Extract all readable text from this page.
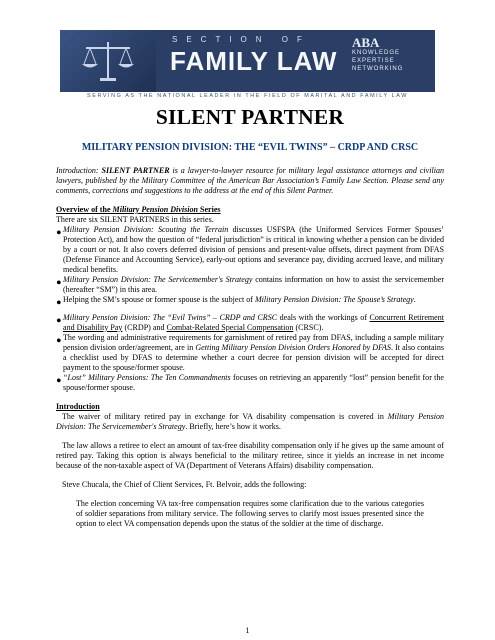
SECTION OF
FAMILY LAW
ABA
KNOWLEDGE
EXPERTISE
NETWORKING
SERVING AS THE NATIONAL LEADER IN THE FIELD OF MARITAL AND FAMILY LAW
SILENT PARTNER
MILITARY PENSION DIVISION: THE “EVIL TWINS” – CRDP AND CRSC

Introduction: SILENT PARTNER is a lawyer-to-lawyer resource for military legal assistance attorneys and civilian lawyers, published by the Military Committee of the American Bar Association’s Family Law Section. Please send any comments, corrections and suggestions to the address at the end of this Silent Partner.

Overview of the Military Pension Division Series

There are six SILENT PARTNERS in this series.

• Military Pension Division: Scouting the Terrain discusses USFSPA (the Uniformed Services Former Spouses’ Protection Act), and how the question of “federal jurisdiction” is critical in knowing whether a pension can be divided by a court or not. It also covers deferred division of pensions and present-value offsets, direct payment from DFAS (Defense Finance and Accounting Service), early-out options and severance pay, dividing accrued leave, and military medical benefits.

• Military Pension Division: The Servicemember's Strategy contains information on how to assist the servicemember (hereafter “SM”) in this area.

• Helping the SM’s spouse or former spouse is the subject of Military Pension Division: The Spouse’s Strategy.

• Military Pension Division: The “Evil Twins” – CRDP and CRSC deals with the workings of Concurrent Retirement and Disability Pay (CRDP) and Combat-Related Special Compensation (CRSC).

• The wording and administrative requirements for garnishment of retired pay from DFAS, including a sample military pension division order/agreement, are in Getting Military Pension Division Orders Honored by DFAS. It also contains a checklist used by DFAS to determine whether a court decree for pension division will be accepted for direct payment to the spouse/former spouse.

• “Lost” Military Pensions: The Ten Commandments focuses on retrieving an apparently “lost” pension benefit for the spouse/former spouse.

Introduction

The waiver of military retired pay in exchange for VA disability compensation is covered in Military Pension Division: The Servicemember's Strategy. Briefly, here’s how it works.

The law allows a retiree to elect an amount of tax-free disability compensation only if he gives up the same amount of retired pay. Taking this option is always beneficial to the military retiree, since it yields an increase in net income because of the non-taxable aspect of VA (Department of Veterans Affairs) disability compensation.

Steve Chucala, the Chief of Client Services, Ft. Belvoir, adds the following:

The election concerning VA tax-free compensation requires some clarification due to the various categories of soldier separations from military service. The following serves to clarify most issues presented since the option to elect VA compensation depends upon the status of the soldier at the time of discharge.

1
